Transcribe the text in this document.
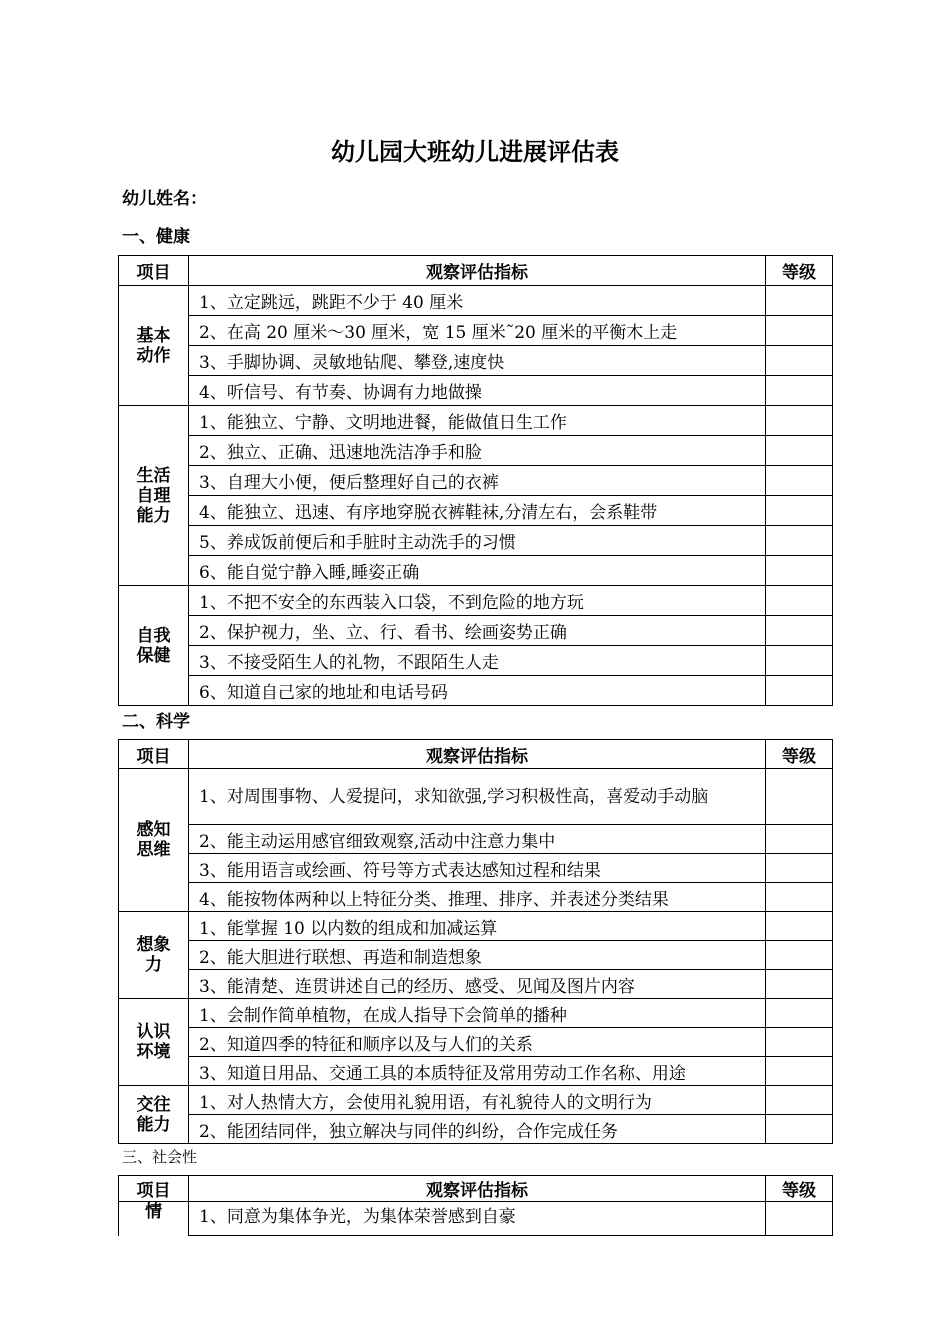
幼儿园大班幼儿进展评估表
幼儿姓名：
一、健康
项目	观察评估指标	等级
基本动作	1、立定跳远，跳距不少于 40 厘米	
	2、在高 20 厘米～30 厘米，宽 15 厘米˜20 厘米的平衡木上走	
	3、手脚协调、灵敏地钻爬、攀登,速度快	
	4、听信号、有节奏、协调有力地做操	
生活自理能力	1、能独立、宁静、文明地进餐，能做值日生工作	
	2、独立、正确、迅速地洗洁净手和脸	
	3、自理大小便，便后整理好自己的衣裤	
	4、能独立、迅速、有序地穿脱衣裤鞋袜,分清左右，会系鞋带	
	5、养成饭前便后和手脏时主动洗手的习惯	
	6、能自觉宁静入睡,睡姿正确	
自我保健	1、不把不安全的东西装入口袋，不到危险的地方玩	
	2、保护视力，坐、立、行、看书、绘画姿势正确	
	3、不接受陌生人的礼物，不跟陌生人走	
	6、知道自己家的地址和电话号码	
二、科学
项目	观察评估指标	等级
感知思维	1、对周围事物、人爱提问，求知欲强,学习积极性高，喜爱动手动脑	

	2、能主动运用感官细致观察,活动中注意力集中	
	3、能用语言或绘画、符号等方式表达感知过程和结果	
	4、能按物体两种以上特征分类、推理、排序、并表述分类结果	
想象力	1、能掌握 10 以内数的组成和加减运算	
	2、能大胆进行联想、再造和制造想象	
	3、能清楚、连贯讲述自己的经历、感受、见闻及图片内容	
认识环境	1、会制作简单植物，在成人指导下会简单的播种	
	2、知道四季的特征和顺序以及与人们的关系	
	3、知道日用品、交通工具的本质特征及常用劳动工作名称、用途	
交往能力	1、对人热情大方，会使用礼貌用语，有礼貌待人的文明行为	
	2、能团结同伴，独立解决与同伴的纠纷，合作完成任务	
三、社会性
项目	观察评估指标	等级
情	1、同意为集体争光，为集体荣誉感到自豪	
